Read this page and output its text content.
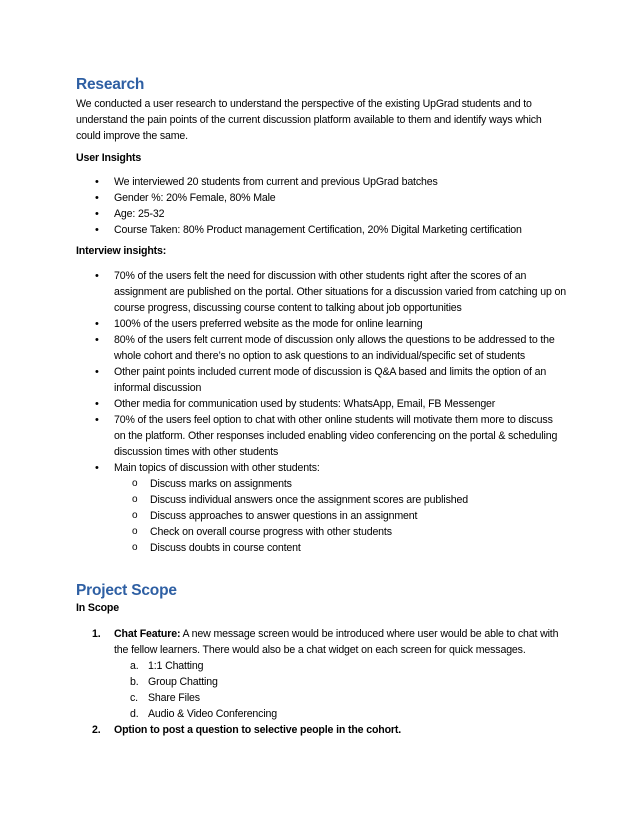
Research
We conducted a user research to understand the perspective of the existing UpGrad students and to understand the pain points of the current discussion platform available to them and identify ways which could improve the same.
User Insights
• We interviewed 20 students from current and previous UpGrad batches
• Gender %: 20% Female, 80% Male
• Age: 25-32
• Course Taken: 80% Product management Certification, 20% Digital Marketing certification
Interview insights:
• 70% of the users felt the need for discussion with other students right after the scores of an assignment are published on the portal. Other situations for a discussion varied from catching up on course progress, discussing course content to talking about job opportunities
• 100% of the users preferred website as the mode for online learning
• 80% of the users felt current mode of discussion only allows the questions to be addressed to the whole cohort and there’s no option to ask questions to an individual/specific set of students
• Other paint points included current mode of discussion is Q&A based and limits the option of an informal discussion
• Other media for communication used by students: WhatsApp, Email, FB Messenger
• 70% of the users feel option to chat with other online students will motivate them more to discuss on the platform. Other responses included enabling video conferencing on the portal & scheduling discussion times with other students
• Main topics of discussion with other students:
o Discuss marks on assignments
o Discuss individual answers once the assignment scores are published
o Discuss approaches to answer questions in an assignment
o Check on overall course progress with other students
o Discuss doubts in course content
Project Scope
In Scope
1. Chat Feature: A new message screen would be introduced where user would be able to chat with the fellow learners. There would also be a chat widget on each screen for quick messages.
a. 1:1 Chatting
b. Group Chatting
c. Share Files
d. Audio & Video Conferencing
2. Option to post a question to selective people in the cohort.
